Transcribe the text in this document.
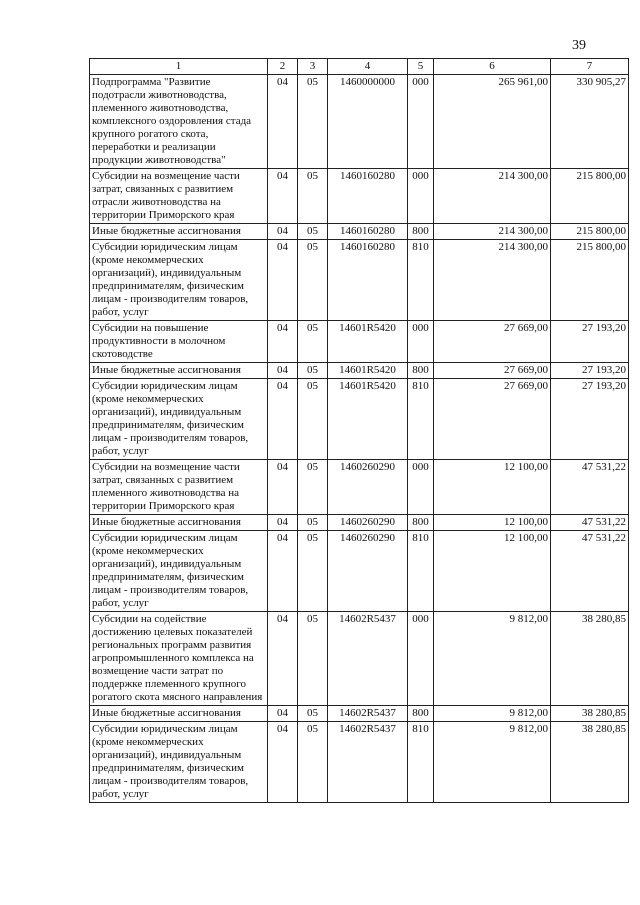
39
1	2	3	4	5	6	7
Подпрограмма "Развитие подотрасли животноводства, племенного животноводства, комплексного оздоровления стада крупного рогатого скота, переработки и реализации продукции животноводства"	04	05	1460000000	000	265 961,00	330 905,27
Субсидии на возмещение части затрат, связанных с развитием отрасли животноводства на территории Приморского края	04	05	1460160280	000	214 300,00	215 800,00
Иные бюджетные ассигнования	04	05	1460160280	800	214 300,00	215 800,00
Субсидии юридическим лицам (кроме некоммерческих организаций), индивидуальным предпринимателям, физическим лицам - производителям товаров, работ, услуг	04	05	1460160280	810	214 300,00	215 800,00
Субсидии на повышение продуктивности в молочном скотоводстве	04	05	14601R5420	000	27 669,00	27 193,20
Иные бюджетные ассигнования	04	05	14601R5420	800	27 669,00	27 193,20
Субсидии юридическим лицам (кроме некоммерческих организаций), индивидуальным предпринимателям, физическим лицам - производителям товаров, работ, услуг	04	05	14601R5420	810	27 669,00	27 193,20
Субсидии на возмещение части затрат, связанных с развитием племенного животноводства на территории Приморского края	04	05	1460260290	000	12 100,00	47 531,22
Иные бюджетные ассигнования	04	05	1460260290	800	12 100,00	47 531,22
Субсидии юридическим лицам (кроме некоммерческих организаций), индивидуальным предпринимателям, физическим лицам - производителям товаров, работ, услуг	04	05	1460260290	810	12 100,00	47 531,22
Субсидии на содействие достижению целевых показателей региональных программ развития агропромышленного комплекса на возмещение части затрат по поддержке племенного крупного рогатого скота мясного направления	04	05	14602R5437	000	9 812,00	38 280,85
Иные бюджетные ассигнования	04	05	14602R5437	800	9 812,00	38 280,85
Субсидии юридическим лицам (кроме некоммерческих организаций), индивидуальным предпринимателям, физическим лицам - производителям товаров, работ, услуг	04	05	14602R5437	810	9 812,00	38 280,85
